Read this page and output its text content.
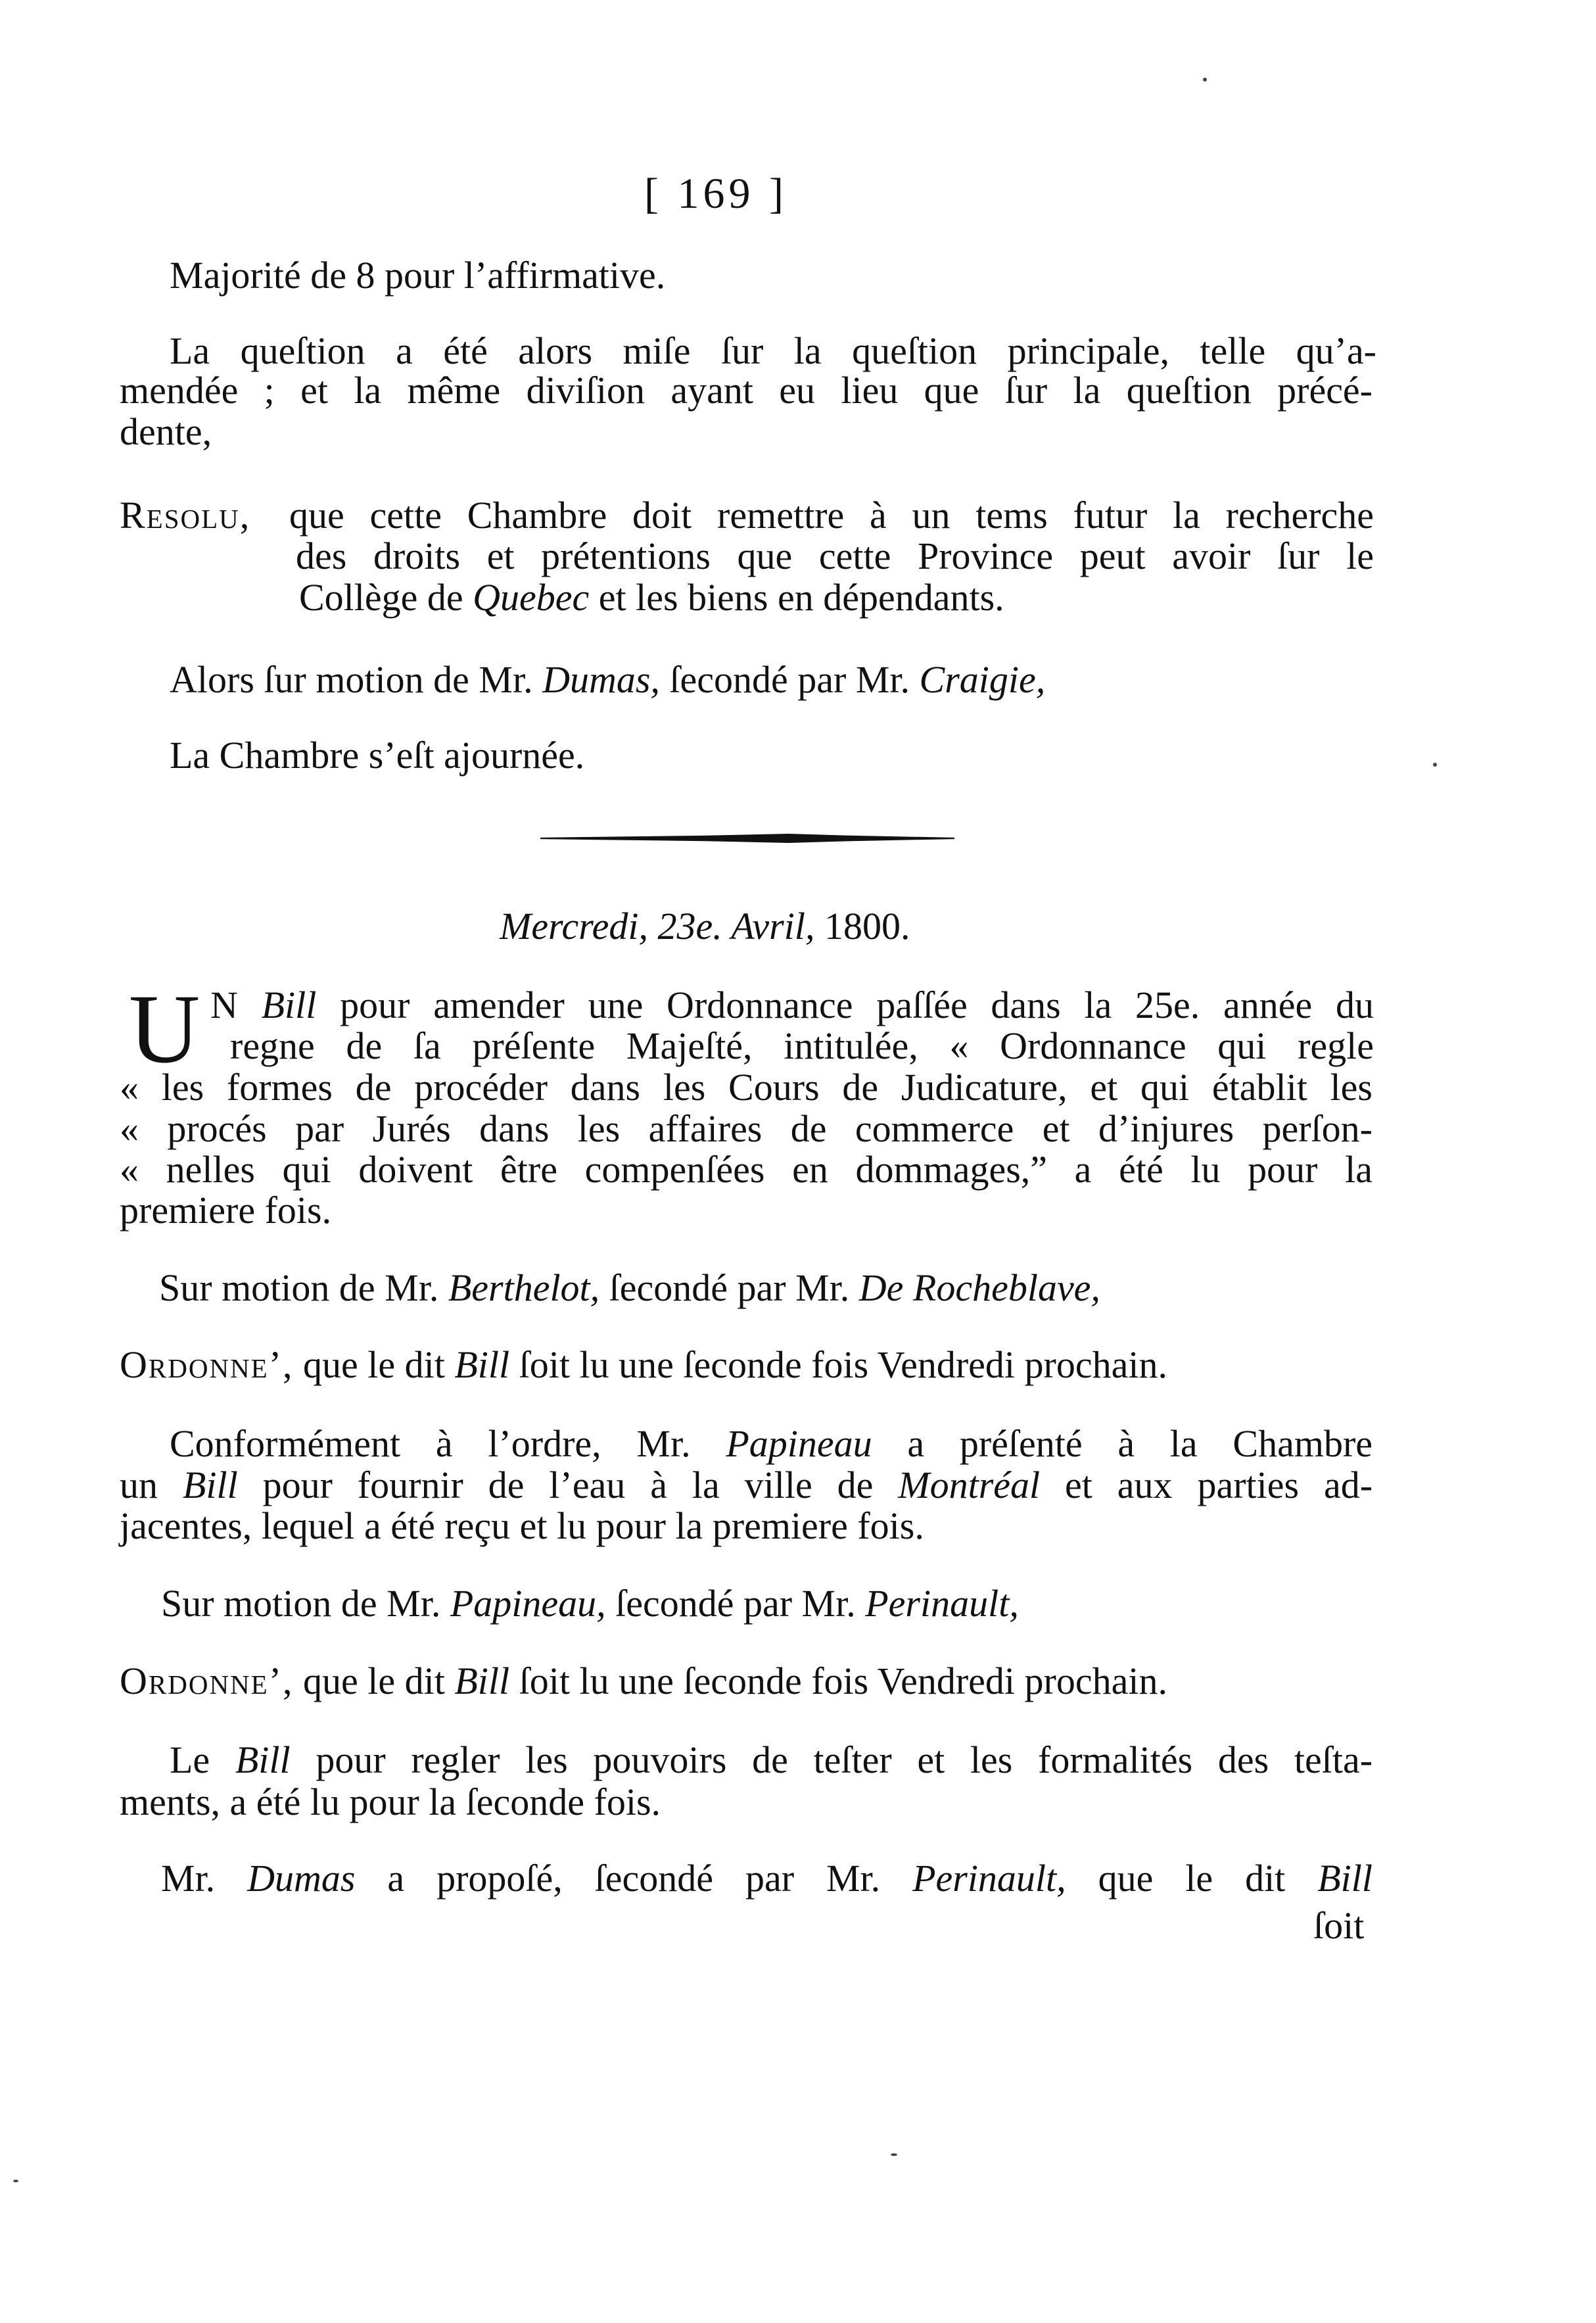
[ 169 ]
Majorité de 8 pour l’affirmative.
La queſtion a été alors miſe ſur la queſtion principale, telle qu’a-
mendée ; et la même diviſion ayant eu lieu que ſur la queſtion précé-
dente,
Resolu, que cette Chambre doit remettre à un tems futur la recherche
des droits et prétentions que cette Province peut avoir ſur le
Collège de Quebec et les biens en dépendants.
Alors ſur motion de Mr. Dumas, ſecondé par Mr. Craigie,
La Chambre s’eſt ajournée.
Mercredi, 23e. Avril, 1800.
U N Bill pour amender une Ordonnance paſſée dans la 25e. année du
regne de ſa préſente Majeſté, intitulée, « Ordonnance qui regle
« les formes de procéder dans les Cours de Judicature, et qui établit les
« procés par Jurés dans les affaires de commerce et d’injures perſon-
« nelles qui doivent être compenſées en dommages,” a été lu pour la
premiere fois.
Sur motion de Mr. Berthelot, ſecondé par Mr. De Rocheblave,
Ordonne’, que le dit Bill ſoit lu une ſeconde fois Vendredi prochain.
Conformément à l’ordre, Mr. Papineau a préſenté à la Chambre
un Bill pour fournir de l’eau à la ville de Montréal et aux parties ad-
jacentes, lequel a été reçu et lu pour la premiere fois.
Sur motion de Mr. Papineau, ſecondé par Mr. Perinault,
Ordonne’, que le dit Bill ſoit lu une ſeconde fois Vendredi prochain.
Le Bill pour regler les pouvoirs de teſter et les formalités des teſta-
ments, a été lu pour la ſeconde fois.
Mr. Dumas a propoſé, ſecondé par Mr. Perinault, que le dit Bill
ſoit
